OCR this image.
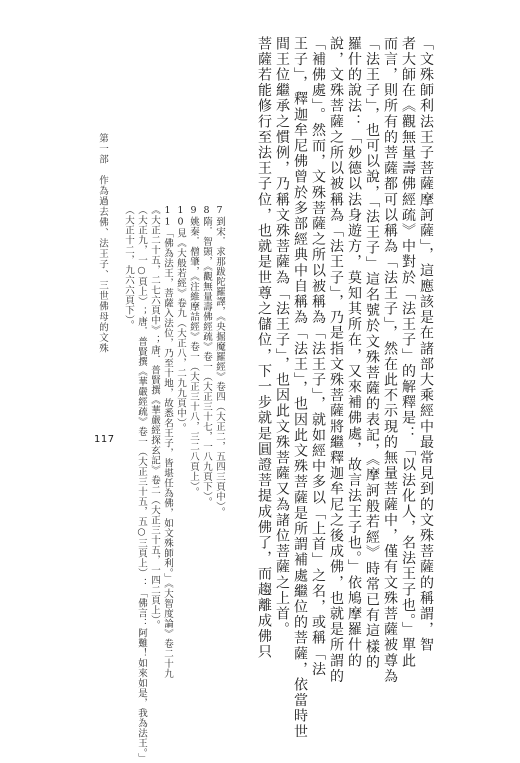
第一部　作為過去佛、法王子、三世佛母的文殊	「文殊師利法王子菩薩摩訶薩」，這應該是在諸部大乘經中最常見到的文殊菩薩的稱謂，智
者大師在《觀無量壽佛經疏》中對於「法王子」的解釋是：「以法化人，名法王子也。」單此
而言，則所有的菩薩都可以稱為「法王子」，然在此不示現的無量菩薩中，僅有文殊菩薩被尊為
「法王子」，也可以說，「法王子」這名號於文殊菩薩的表記，《摩訶般若經》時常已有這樣的
羅什的說法：「妙德以法身遊方，莫知其所在，又來補佛處，故言法王子也。」依鳩摩羅什的
說，文殊菩薩之所以被稱為「法王子」，乃是指文殊菩薩將繼釋迦牟尼之後成佛，也就是所謂的
「補佛處」。然而，文殊菩薩之所以被稱為「法王子」，就如經中多以「上首」之名，或稱「法
王子」，釋迦牟尼佛曾於多部經典中自稱為「法王」，也因此文殊菩薩是所謂補處繼位的菩薩，依當時世
間王位繼承之慣例，乃稱文殊菩薩為「法王子」，也因此文殊菩薩又為諸位菩薩之上首。
菩薩若能修行至法王子位，也就是世尊之儲位，下一步就是圓證菩提成佛了，而趨離成佛只
7到宋．求那跋陀羅譯，《央掘魔羅經》卷四（大正二，五四三頁中）。
8隋．智顗，《觀無量壽佛經疏》卷一（大正三十七，一八九頁下）。
9姚秦．僧肇，《注維摩詰經》卷一（大正三十八，三二八頁上）。
10見《大般若經》卷九（大正八，二九九頁中）。
11「佛為法王，菩薩入法位，乃至十地，故悉名王子，皆堪任為佛，如文殊師利。」《大智度論》卷二十九
《大正二十五，二七六頁中》；唐．普賢撰《華嚴經探玄記》卷二（大正三十五，一四二頁上）。
（大正九，一○頁上）；唐．普賢撰《華嚴經疏》卷一（大正三十五，五○三頁上）：「佛言：阿難！如來如是，我為法王。」
（大正十二，九六六頁下）。
117
